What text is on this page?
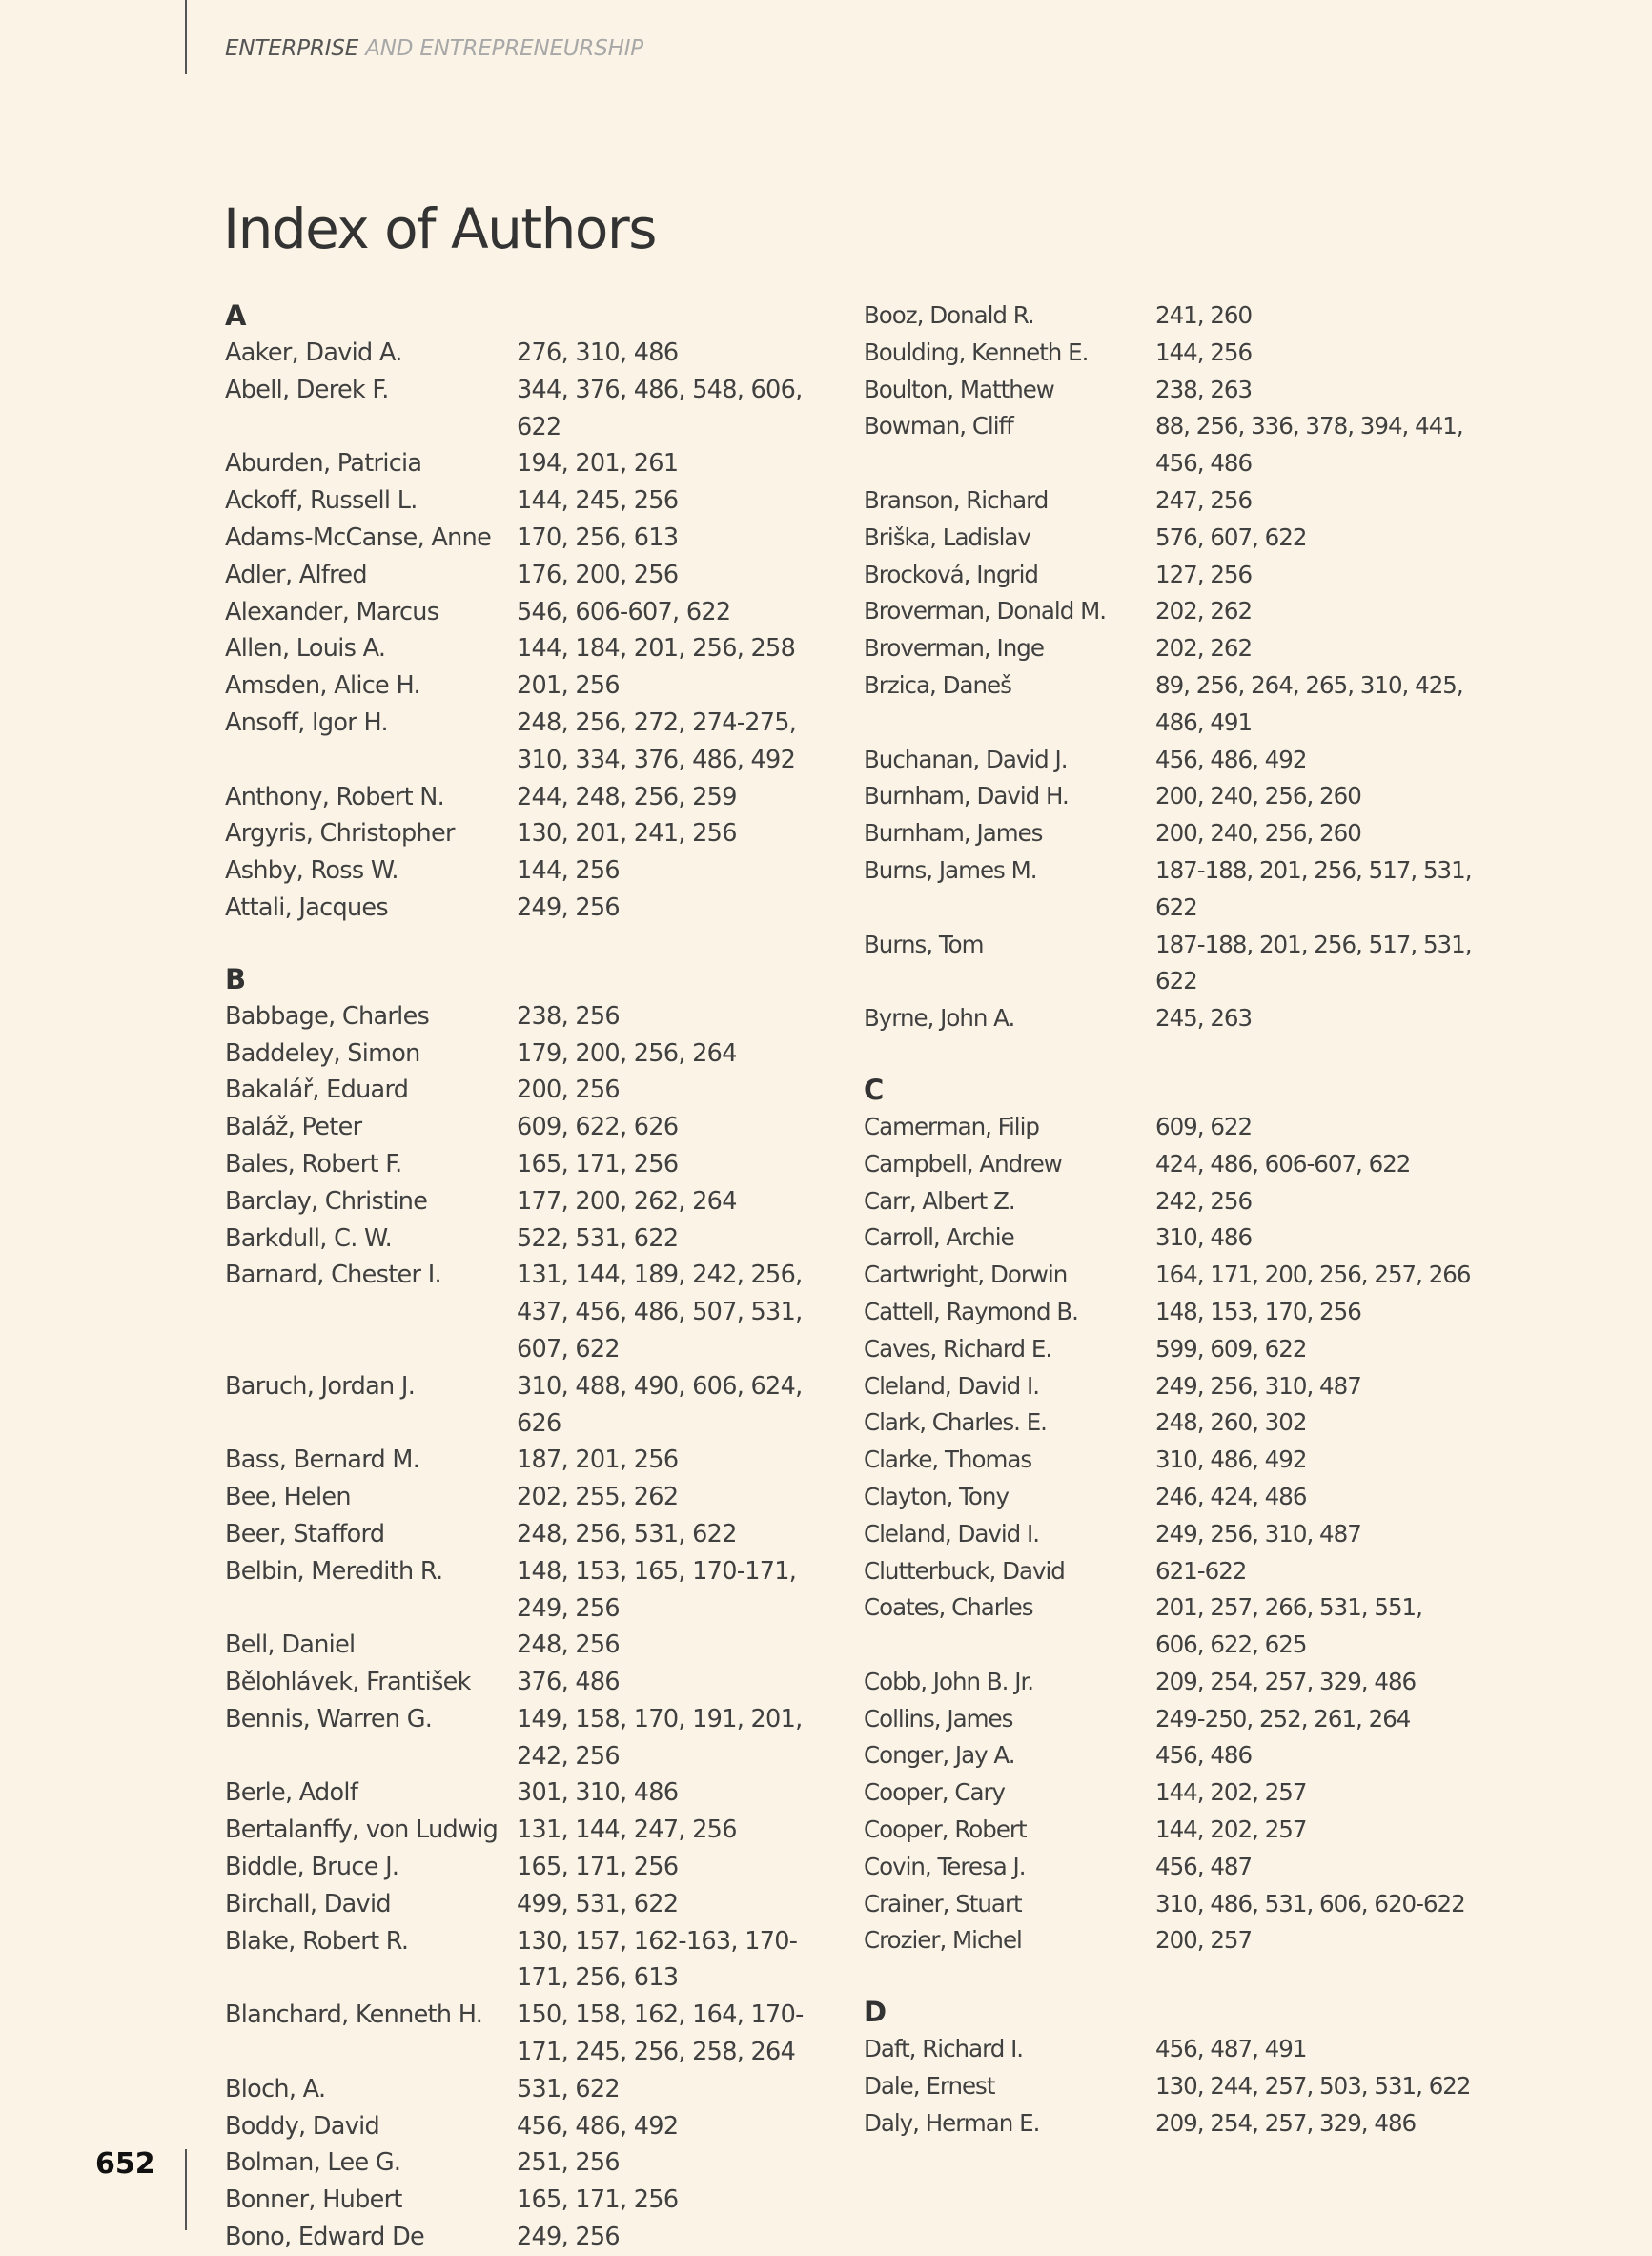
ENTERPRISE AND ENTREPRENEURSHIP
Index of Authors
A
Aaker, David A.	276, 310, 486
Abell, Derek F.	344, 376, 486, 548, 606, 622
Aburden, Patricia	194, 201, 261
Ackoff, Russell L.	144, 245, 256
Adams-McCanse, Anne	170, 256, 613
Adler, Alfred	176, 200, 256
Alexander, Marcus	546, 606-607, 622
Allen, Louis A.	144, 184, 201, 256, 258
Amsden, Alice H.	201, 256
Ansoff, Igor H.	248, 256, 272, 274-275, 310, 334, 376, 486, 492
Anthony, Robert N.	244, 248, 256, 259
Argyris, Christopher	130, 201, 241, 256
Ashby, Ross W.	144, 256
Attali, Jacques	249, 256
B
Babbage, Charles	238, 256
Baddeley, Simon	179, 200, 256, 264
Bakalář, Eduard	200, 256
Baláž, Peter	609, 622, 626
Bales, Robert F.	165, 171, 256
Barclay, Christine	177, 200, 262, 264
Barkdull, C. W.	522, 531, 622
Barnard, Chester I.	131, 144, 189, 242, 256, 437, 456, 486, 507, 531, 607, 622
Baruch, Jordan J.	310, 488, 490, 606, 624, 626
Bass, Bernard M.	187, 201, 256
Bee, Helen	202, 255, 262
Beer, Stafford	248, 256, 531, 622
Belbin, Meredith R.	148, 153, 165, 170-171, 249, 256
Bell, Daniel	248, 256
Bělohlávek, František	376, 486
Bennis, Warren G.	149, 158, 170, 191, 201, 242, 256
Berle, Adolf	301, 310, 486
Bertalanffy, von Ludwig 131, 144, 247, 256
Biddle, Bruce J.	165, 171, 256
Birchall, David	499, 531, 622
Blake, Robert R.	130, 157, 162-163, 170-171, 256, 613
Blanchard, Kenneth H.	150, 158, 162, 164, 170-171, 245, 256, 258, 264
Bloch, A.	531, 622
Boddy, David	456, 486, 492
Bolman, Lee G.	251, 256
Bonner, Hubert	165, 171, 256
Bono, Edward De	249, 256
Booz, Donald R.	241, 260
Boulding, Kenneth E.	144, 256
Boulton, Matthew	238, 263
Bowman, Cliff	88, 256, 336, 378, 394, 441, 456, 486
Branson, Richard	247, 256
Briška, Ladislav	576, 607, 622
Brocková, Ingrid	127, 256
Broverman, Donald M.	202, 262
Broverman, Inge	202, 262
Brzica, Daneš	89, 256, 264, 265, 310, 425, 486, 491
Buchanan, David J.	456, 486, 492
Burnham, David H.	200, 240, 256, 260
Burnham, James	200, 240, 256, 260
Burns, James M.	187-188, 201, 256, 517, 531, 622
Burns, Tom	187-188, 201, 256, 517, 531, 622
Byrne, John A.	245, 263
C
Camerman, Filip	609, 622
Campbell, Andrew	424, 486, 606-607, 622
Carr, Albert Z.	242, 256
Carroll, Archie	310, 486
Cartwright, Dorwin	164, 171, 200, 256, 257, 266
Cattell, Raymond B.	148, 153, 170, 256
Caves, Richard E.	599, 609, 622
Cleland, David I.	249, 256, 310, 487
Clark, Charles. E.	248, 260, 302
Clarke, Thomas	310, 486, 492
Clayton, Tony	246, 424, 486
Cleland, David I.	249, 256, 310, 487
Clutterbuck, David	621-622
Coates, Charles	201, 257, 266, 531, 551, 606, 622, 625
Cobb, John B. Jr.	209, 254, 257, 329, 486
Collins, James	249-250, 252, 261, 264
Conger, Jay A.	456, 486
Cooper, Cary	144, 202, 257
Cooper, Robert	144, 202, 257
Covin, Teresa J.	456, 487
Crainer, Stuart	310, 486, 531, 606, 620-622
Crozier, Michel	200, 257
D
Daft, Richard I.	456, 487, 491
Dale, Ernest	130, 244, 257, 503, 531, 622
Daly, Herman E.	209, 254, 257, 329, 486
652
